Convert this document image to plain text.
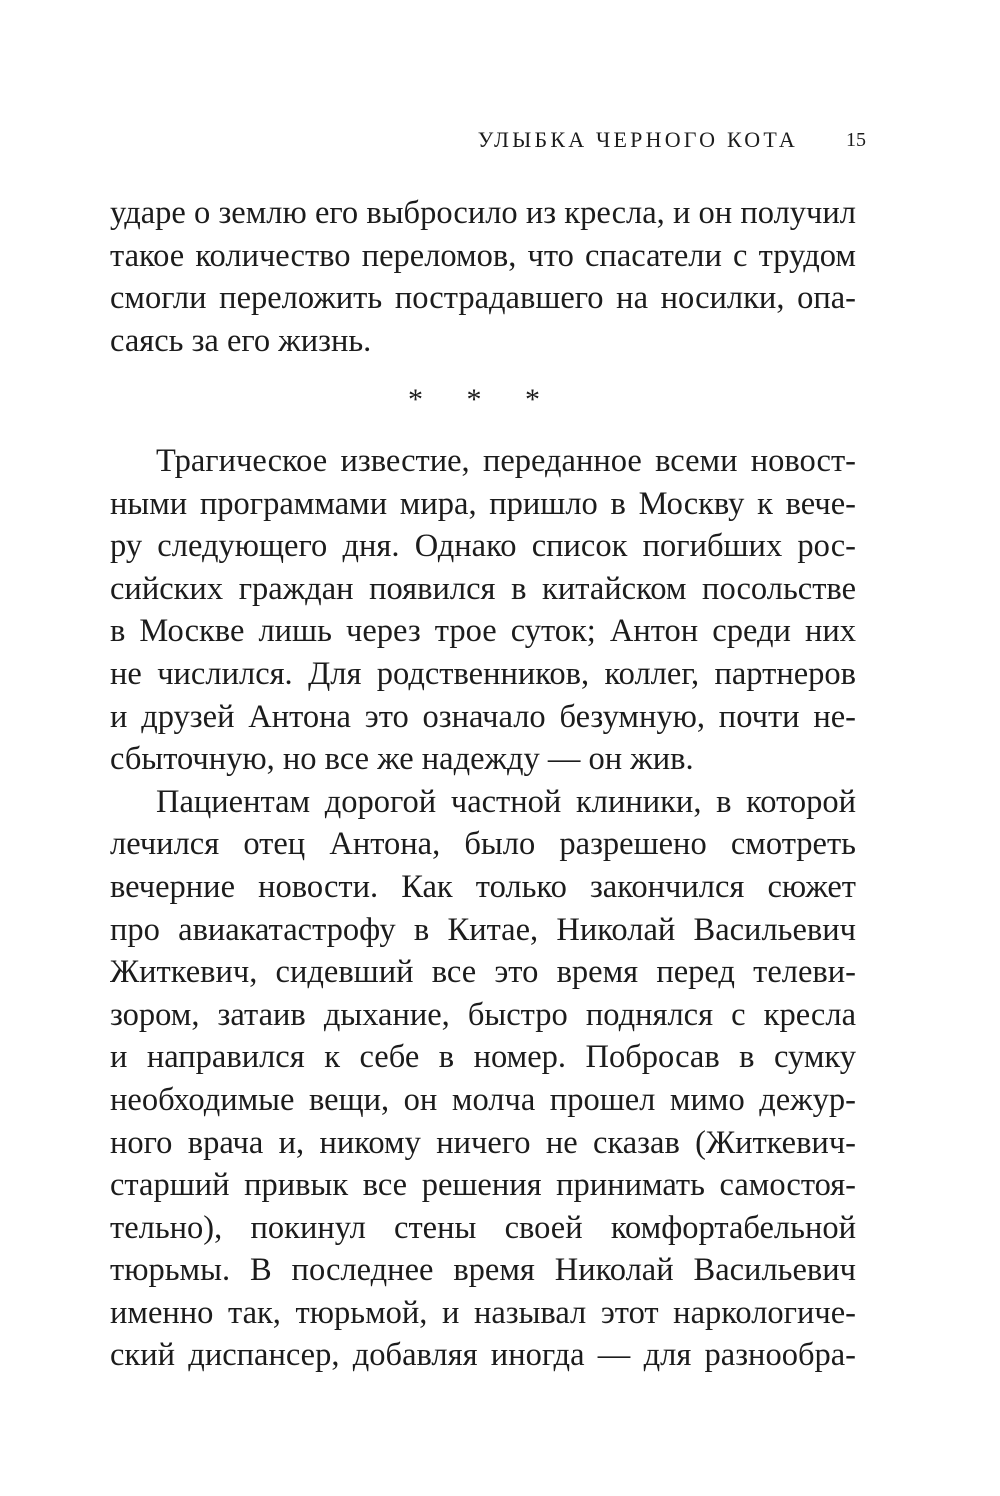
УЛЫБКА ЧЕРНОГО КОТА 15
ударе о землю его выбросило из кресла, и он получил
такое количество переломов, что спасатели с трудом
смогли переложить пострадавшего на носилки, опа-
саясь за его жизнь.
* * *
Трагическое известие, переданное всеми новост-
ными программами мира, пришло в Москву к вече-
ру следующего дня. Однако список погибших рос-
сийских граждан появился в китайском посольстве
в Москве лишь через трое суток; Антон среди них
не числился. Для родственников, коллег, партнеров
и друзей Антона это означало безумную, почти не-
сбыточную, но все же надежду — он жив.
Пациентам дорогой частной клиники, в которой
лечился отец Антона, было разрешено смотреть
вечерние новости. Как только закончился сюжет
про авиакатастрофу в Китае, Николай Васильевич
Житкевич, сидевший все это время перед телеви-
зором, затаив дыхание, быстро поднялся с кресла
и направился к себе в номер. Побросав в сумку
необходимые вещи, он молча прошел мимо дежур-
ного врача и, никому ничего не сказав (Житкевич-
старший привык все решения принимать самостоя-
тельно), покинул стены своей комфортабельной
тюрьмы. В последнее время Николай Васильевич
именно так, тюрьмой, и называл этот наркологиче-
ский диспансер, добавляя иногда — для разнообра-
